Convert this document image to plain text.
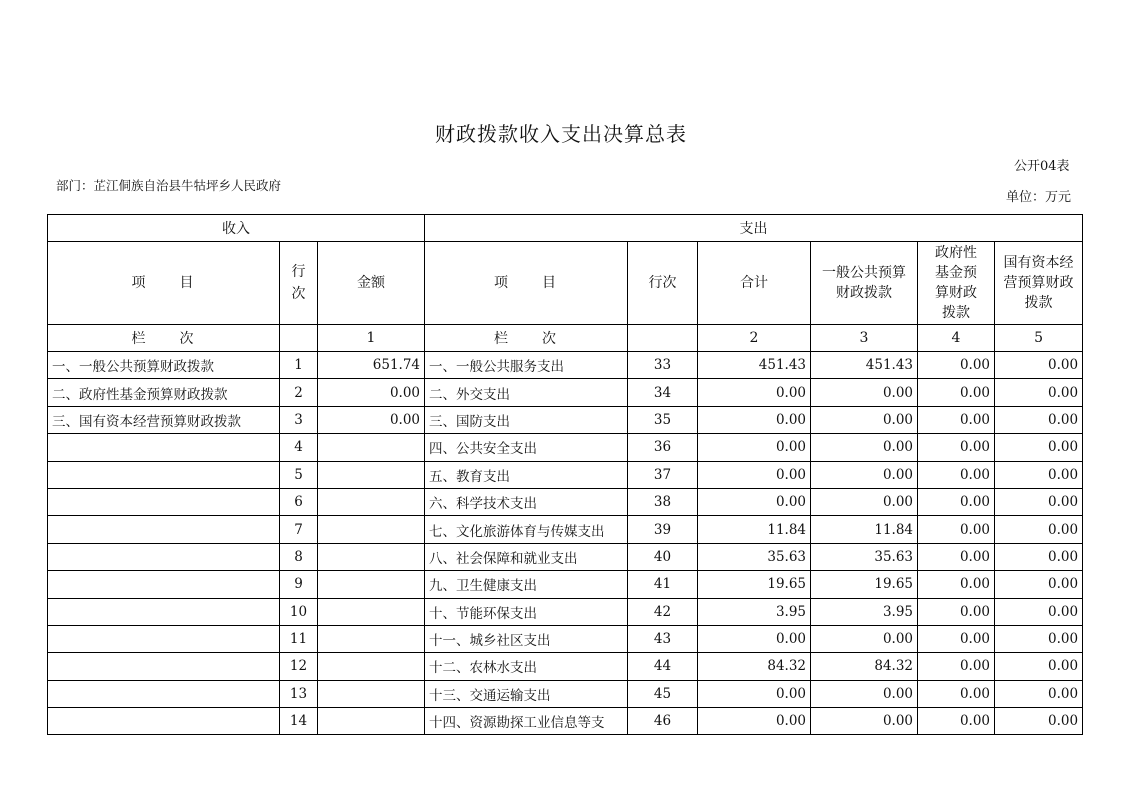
财政拨款收入支出决算总表
公开04表
部门：芷江侗族自治县牛牯坪乡人民政府
单位：万元
收入			支出					
项　　目	行次	金额	项　　目	行次	合计	一般公共预算财政拨款	政府性基金预算财政拨款	国有资本经营预算财政拨款
栏　　次		1	栏　　次		2	3	4	5
一、一般公共预算财政拨款	1	651.74	一、一般公共服务支出	33	451.43	451.43	0.00	0.00
二、政府性基金预算财政拨款	2	0.00	二、外交支出	34	0.00	0.00	0.00	0.00
三、国有资本经营预算财政拨款	3	0.00	三、国防支出	35	0.00	0.00	0.00	0.00
	4		四、公共安全支出	36	0.00	0.00	0.00	0.00
	5		五、教育支出	37	0.00	0.00	0.00	0.00
	6		六、科学技术支出	38	0.00	0.00	0.00	0.00
	7		七、文化旅游体育与传媒支出	39	11.84	11.84	0.00	0.00
	8		八、社会保障和就业支出	40	35.63	35.63	0.00	0.00
	9		九、卫生健康支出	41	19.65	19.65	0.00	0.00
	10		十、节能环保支出	42	3.95	3.95	0.00	0.00
	11		十一、城乡社区支出	43	0.00	0.00	0.00	0.00
	12		十二、农林水支出	44	84.32	84.32	0.00	0.00
	13		十三、交通运输支出	45	0.00	0.00	0.00	0.00
	14		十四、资源勘探工业信息等支	46	0.00	0.00	0.00	0.00
